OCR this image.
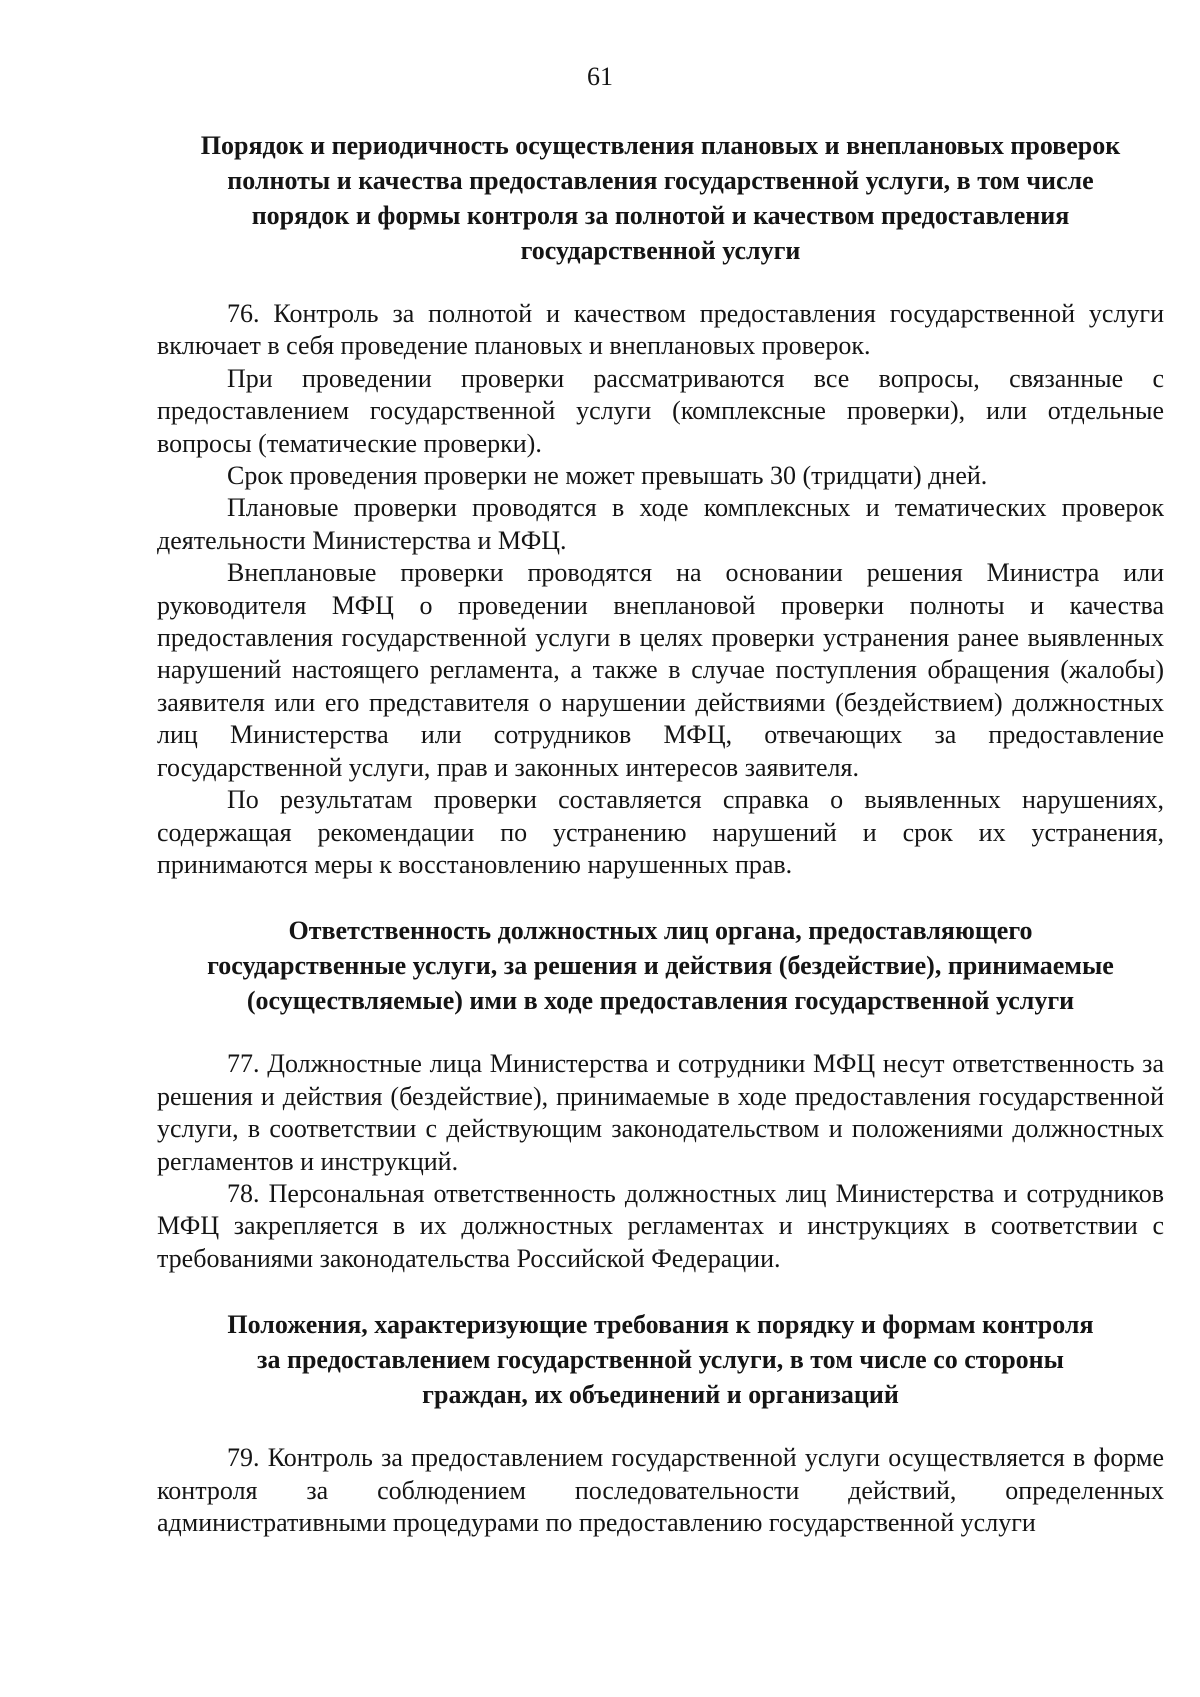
61
Порядок и периодичность осуществления плановых и внеплановых проверок
полноты и качества предоставления государственной услуги, в том числе
порядок и формы контроля за полнотой и качеством предоставления
государственной услуги

76. Контроль за полнотой и качеством предоставления государственной услуги включает в себя проведение плановых и внеплановых проверок.

При проведении проверки рассматриваются все вопросы, связанные с предоставлением государственной услуги (комплексные проверки), или отдельные вопросы (тематические проверки).

Срок проведения проверки не может превышать 30 (тридцати) дней.

Плановые проверки проводятся в ходе комплексных и тематических проверок деятельности Министерства и МФЦ.

Внеплановые проверки проводятся на основании решения Министра или руководителя МФЦ о проведении внеплановой проверки полноты и качества предоставления государственной услуги в целях проверки устранения ранее выявленных нарушений настоящего регламента, а также в случае поступления обращения (жалобы) заявителя или его представителя о нарушении действиями (бездействием) должностных лиц Министерства или сотрудников МФЦ, отвечающих за предоставление государственной услуги, прав и законных интересов заявителя.

По результатам проверки составляется справка о выявленных нарушениях, содержащая рекомендации по устранению нарушений и срок их устранения, принимаются меры к восстановлению нарушенных прав.

Ответственность должностных лиц органа, предоставляющего
государственные услуги, за решения и действия (бездействие), принимаемые
(осуществляемые) ими в ходе предоставления государственной услуги

77. Должностные лица Министерства и сотрудники МФЦ несут ответственность за решения и действия (бездействие), принимаемые в ходе предоставления государственной услуги, в соответствии с действующим законодательством и положениями должностных регламентов и инструкций.

78. Персональная ответственность должностных лиц Министерства и сотрудников МФЦ закрепляется в их должностных регламентах и инструкциях в соответствии с требованиями законодательства Российской Федерации.

Положения, характеризующие требования к порядку и формам контроля
за предоставлением государственной услуги, в том числе со стороны
граждан, их объединений и организаций

79. Контроль за предоставлением государственной услуги осуществляется в форме контроля за соблюдением последовательности действий, определенных административными процедурами по предоставлению государственной услуги
